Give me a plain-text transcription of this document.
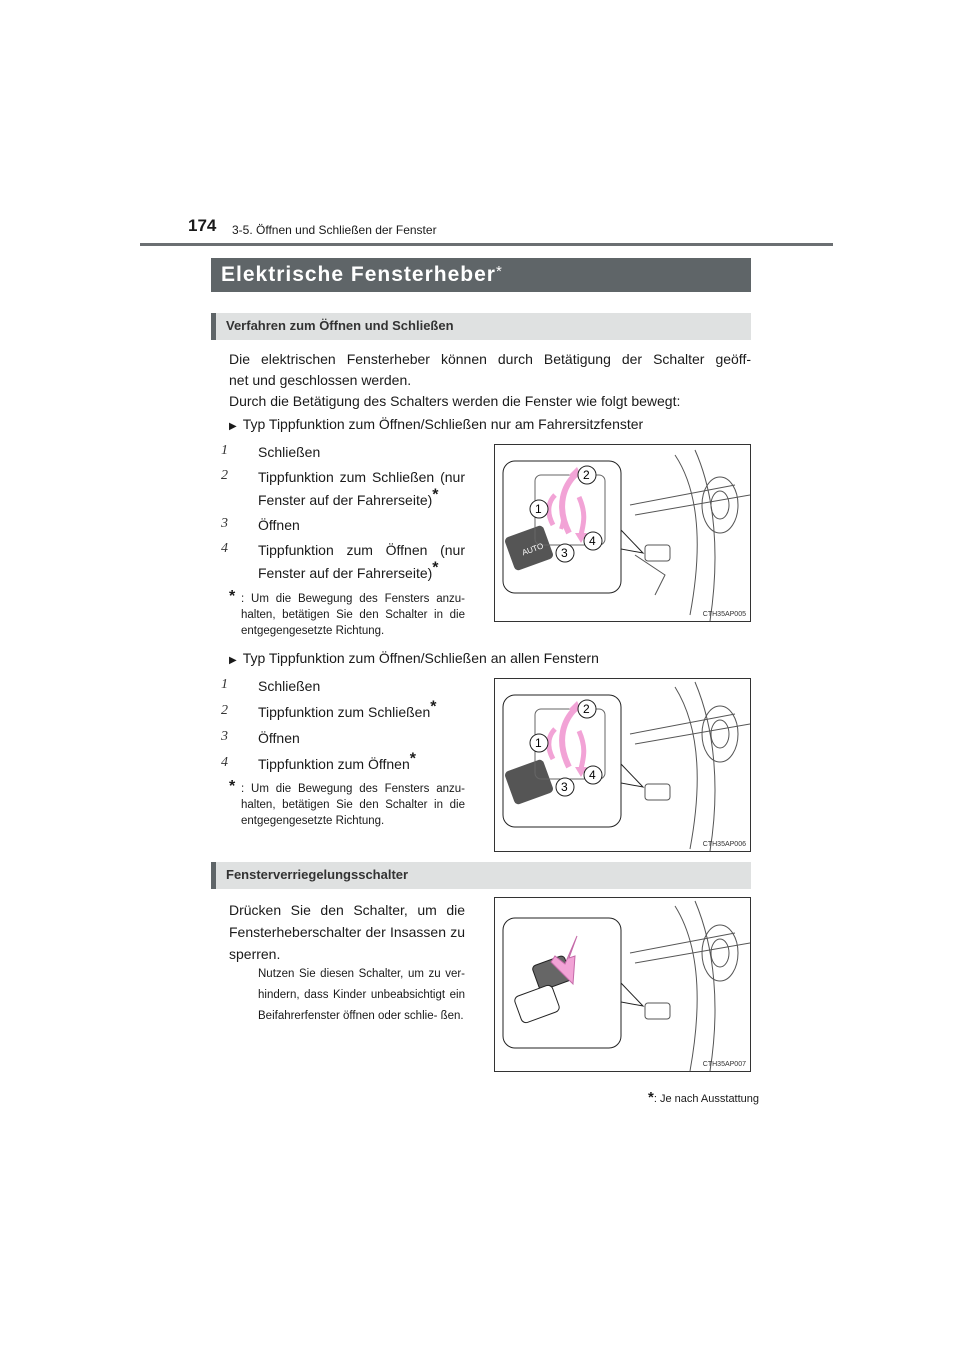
174 3-5. Öffnen und Schließen der Fenster
Elektrische Fensterheber*
Verfahren zum Öffnen und Schließen
Die elektrischen Fensterheber können durch Betätigung der Schalter geöff-
net und geschlossen werden.
Durch die Betätigung des Schalters werden die Fenster wie folgt bewegt:
▶ Typ Tippfunktion zum Öffnen/Schließen nur am Fahrersitzfenster
1 Schließen
2 Tippfunktion zum Schließen (nur
Fenster auf der Fahrerseite)*
3 Öffnen
4 Tippfunktion zum Öffnen (nur
Fenster auf der Fahrerseite)*
* : Um die Bewegung des Fensters anzu- halten, betätigen Sie den Schalter in die entgegengesetzte Richtung.
AUTO
1
2
3
4
CTH35AP005
▶ Typ Tippfunktion zum Öffnen/Schließen an allen Fenstern
1 Schließen
2 Tippfunktion zum Schließen*
3 Öffnen
4 Tippfunktion zum Öffnen*
* : Um die Bewegung des Fensters anzu- halten, betätigen Sie den Schalter in die entgegengesetzte Richtung.
1
2
3
4
CTH35AP006
Fensterverriegelungsschalter
Drücken Sie den Schalter, um die Fensterheberschalter der Insassen zu sperren.
Nutzen Sie diesen Schalter, um zu ver- hindern, dass Kinder unbeabsichtigt ein Beifahrerfenster öffnen oder schlie- ßen.
CTH35AP007
*: Je nach Ausstattung
